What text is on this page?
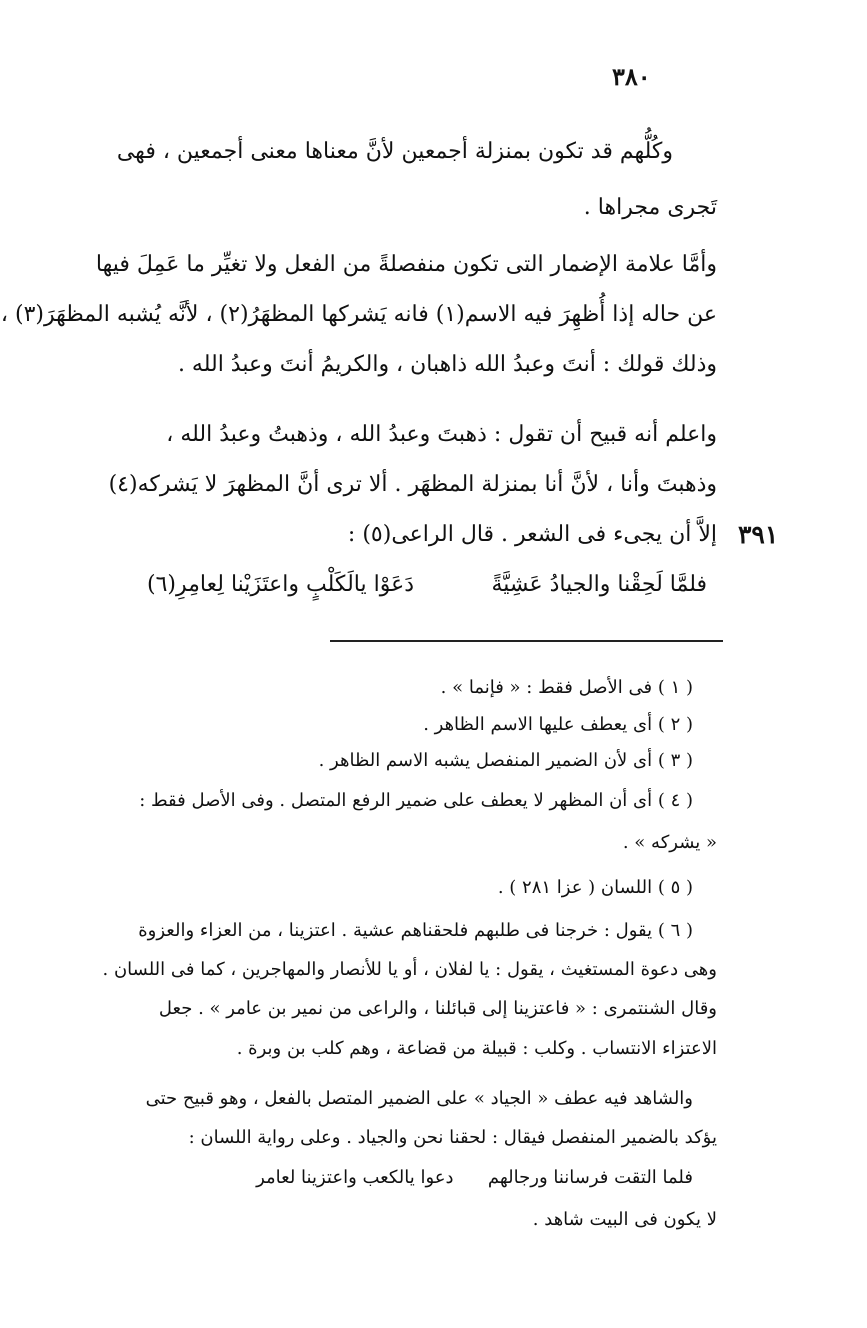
٣٨٠
٣٩١
وكُلُّهم قد تكون بمنزلة أجمعين لأنَّ معناها معنى أجمعين ، فهى
تَجرى مجراها .
وأمَّا علامة الإضمار التى تكون منفصلةً من الفعل ولا تغيِّر ما عَمِلَ فيها
عن حاله إذا أُظهِرَ فيه الاسم(١) فانه يَشركها المظهَرُ(٢) ، لأنَّه يُشبه المظهَرَ(٣) ،
وذلك قولك : أنتَ وعبدُ الله ذاهبان ، والكريمُ أنتَ وعبدُ الله .
واعلم أنه قبيح أن تقول : ذهبتَ وعبدُ الله ، وذهبتُ وعبدُ الله ،
وذهبتَ وأنا ، لأنَّ أنا بمنزلة المظهَر . ألا ترى أنَّ المظهرَ لا يَشركه(٤)
إلاَّ أن يجىء فى الشعر . قال الراعى(٥) :
فلمَّا لَحِقْنا والجيادُ عَشِيَّةً
دَعَوْا يالَكَلْبٍ واعتَزَيْنا لِعامِرِ(٦)
( ١ ) فى الأصل فقط : « فإنما » .
( ٢ ) أى يعطف عليها الاسم الظاهر .
( ٣ ) أى لأن الضمير المنفصل يشبه الاسم الظاهر .
( ٤ ) أى أن المظهر لا يعطف على ضمير الرفع المتصل . وفى الأصل فقط :
« يشركه » .
( ٥ ) اللسان ( عزا ٢٨١ ) .
( ٦ ) يقول : خرجنا فى طلبهم فلحقناهم عشية . اعتزينا ، من العزاء والعزوة
وهى دعوة المستغيث ، يقول : يا لفلان ، أو يا للأنصار والمهاجرين ، كما فى اللسان .
وقال الشنتمرى : « فاعتزينا إلى قبائلنا ، والراعى من نمير بن عامر » . جعل
الاعتزاء الانتساب . وكلب : قبيلة من قضاعة ، وهم كلب بن وبرة .
والشاهد فيه عطف « الجياد » على الضمير المتصل بالفعل ، وهو قبيح حتى
يؤكد بالضمير المنفصل فيقال : لحقنا نحن والجياد . وعلى رواية اللسان :
فلما التقت فرساننا ورجالهم      دعوا يالكعب واعتزينا لعامر
لا يكون فى البيت شاهد .
